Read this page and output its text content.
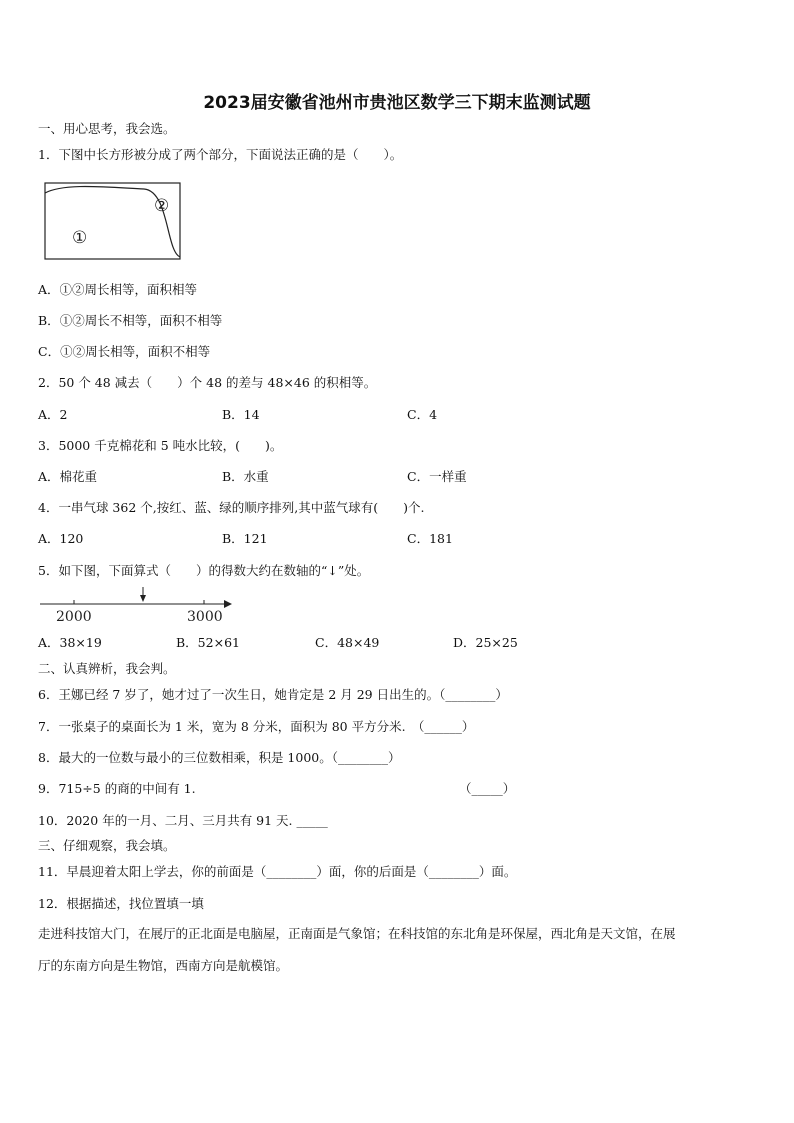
2023届安徽省池州市贵池区数学三下期末监测试题
一、用心思考，我会选。
1．下图中长方形被分成了两个部分，下面说法正确的是（　　）。
①
②
A．①②周长相等，面积相等
B．①②周长不相等，面积不相等
C．①②周长相等，面积不相等
2．50 个 48 减去（　　）个 48 的差与 48×46 的积相等。
A．2	B．14	C．4
3．5000 千克棉花和 5 吨水比较，(　　)。
A．棉花重	B．水重	C．一样重
4．一串气球 362 个,按红、蓝、绿的顺序排列,其中蓝气球有(　　)个.
A．120	B．121	C．181
5．如下图，下面算式（　　）的得数大约在数轴的“↓”处。
2000	3000
A．38×19	B．52×61	C．48×49	D．25×25
二、认真辨析，我会判。
6．王娜已经 7 岁了，她才过了一次生日，她肯定是 2 月 29 日出生的。（________）
7．一张桌子的桌面长为 1 米，宽为 8 分米，面积为 80 平方分米.　（______）
8．最大的一位数与最小的三位数相乘，积是 1000。（________）
9．715÷5 的商的中间有 1.	（_____）
10．2020 年的一月、二月、三月共有 91 天. _____
三、仔细观察，我会填。
11．早晨迎着太阳上学去，你的前面是（________）面，你的后面是（________）面。
12．根据描述，找位置填一填
走进科技馆大门，在展厅的正北面是电脑屋，正南面是气象馆；在科技馆的东北角是环保屋，西北角是天文馆，在展
厅的东南方向是生物馆，西南方向是航模馆。
